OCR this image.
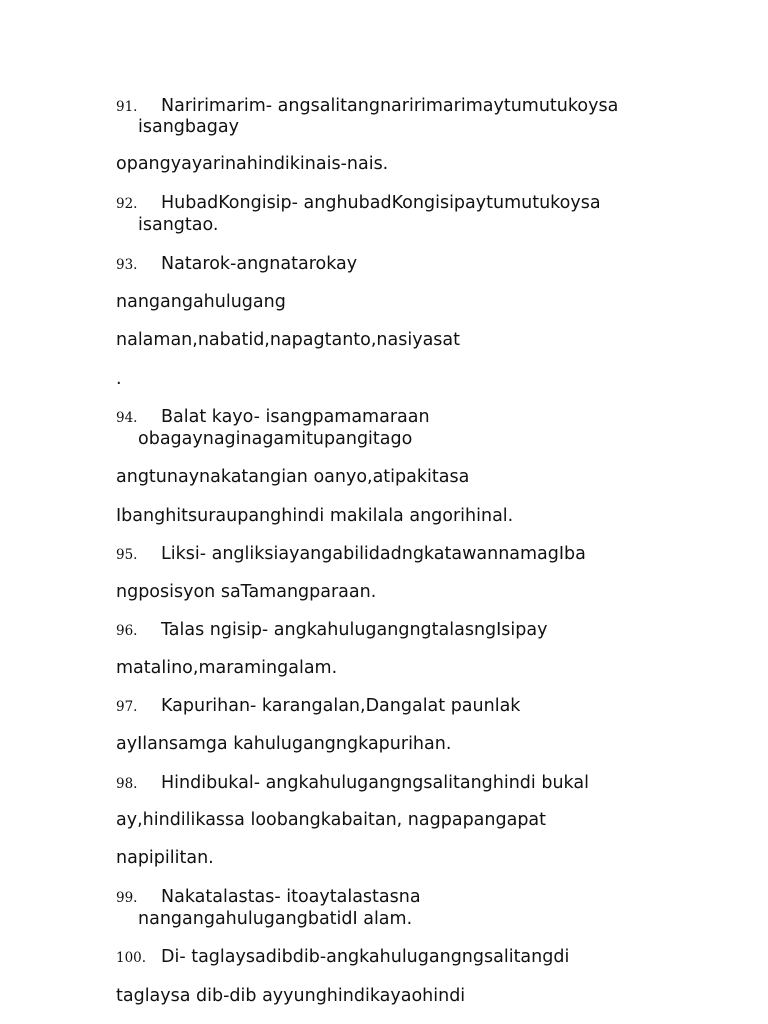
91. Naririmarim- angsalitangnaririmarimaytumutukoysa
isangbagay
opangyayarinahindikinais-nais.
92. HubadKongisip- anghubadKongisipaytumutukoysa
isangtao.
93. Natarok-angnatarokay
nangangahulugang
nalaman,nabatid,napagtanto,nasiyasat
.
94. Balat kayo- isangpamamaraan
obagaynaginagamitupangitago
angtunaynakatangian oanyo,atipakitasa
Ibanghitsuraupanghindi makilala angorihinal.
95. Liksi- angliksiayangabilidadngkatawannamagIba
ngposisyon saTamangparaan.
96. Talas ngisip- angkahulugangngtalasngIsipay
matalino,maramingalam.
97. Kapurihan- karangalan,Dangalat paunlak
ayIlansamga kahulugangngkapurihan.
98. Hindibukal- angkahulugangngsalitanghindi bukal
ay,hindilikassa loobangkabaitan, nagpapangapat
napipilitan.
99. Nakatalastas- itoaytalastasna
nangangahulugangbatidI alam.
100. Di- taglaysadibdib-angkahulugangngsalitangdi
taglaysa dib-dib ayyunghindikayaohindi
